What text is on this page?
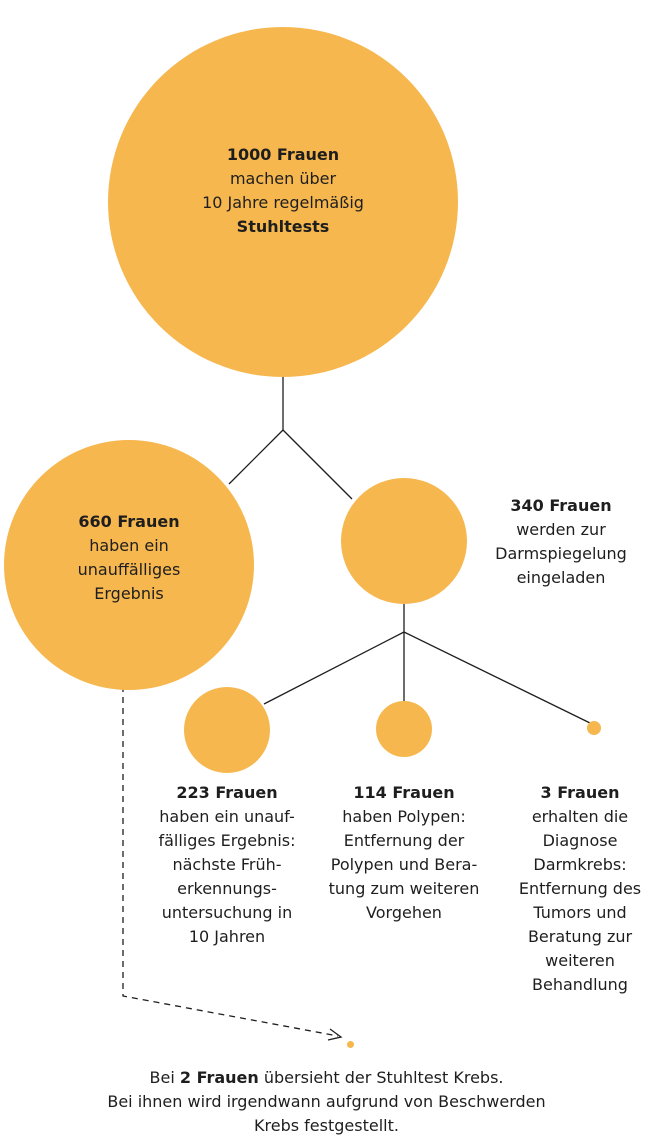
1000 Frauen
machen über
10 Jahre regelmäßig
Stuhltests
660 Frauen
haben ein
unauffälliges
Ergebnis
340 Frauen
werden zur
Darmspiegelung
eingeladen
223 Frauen
haben ein unauf-
fälliges Ergebnis:
nächste Früh-
erkennungs-
untersuchung in
10 Jahren
114 Frauen
haben Polypen:
Entfernung der
Polypen und Bera-
tung zum weiteren
Vorgehen
3 Frauen
erhalten die
Diagnose
Darmkrebs:
Entfernung des
Tumors und
Beratung zur
weiteren
Behandlung
Bei 2 Frauen übersieht der Stuhltest Krebs.
Bei ihnen wird irgendwann aufgrund von Beschwerden
Krebs festgestellt.
